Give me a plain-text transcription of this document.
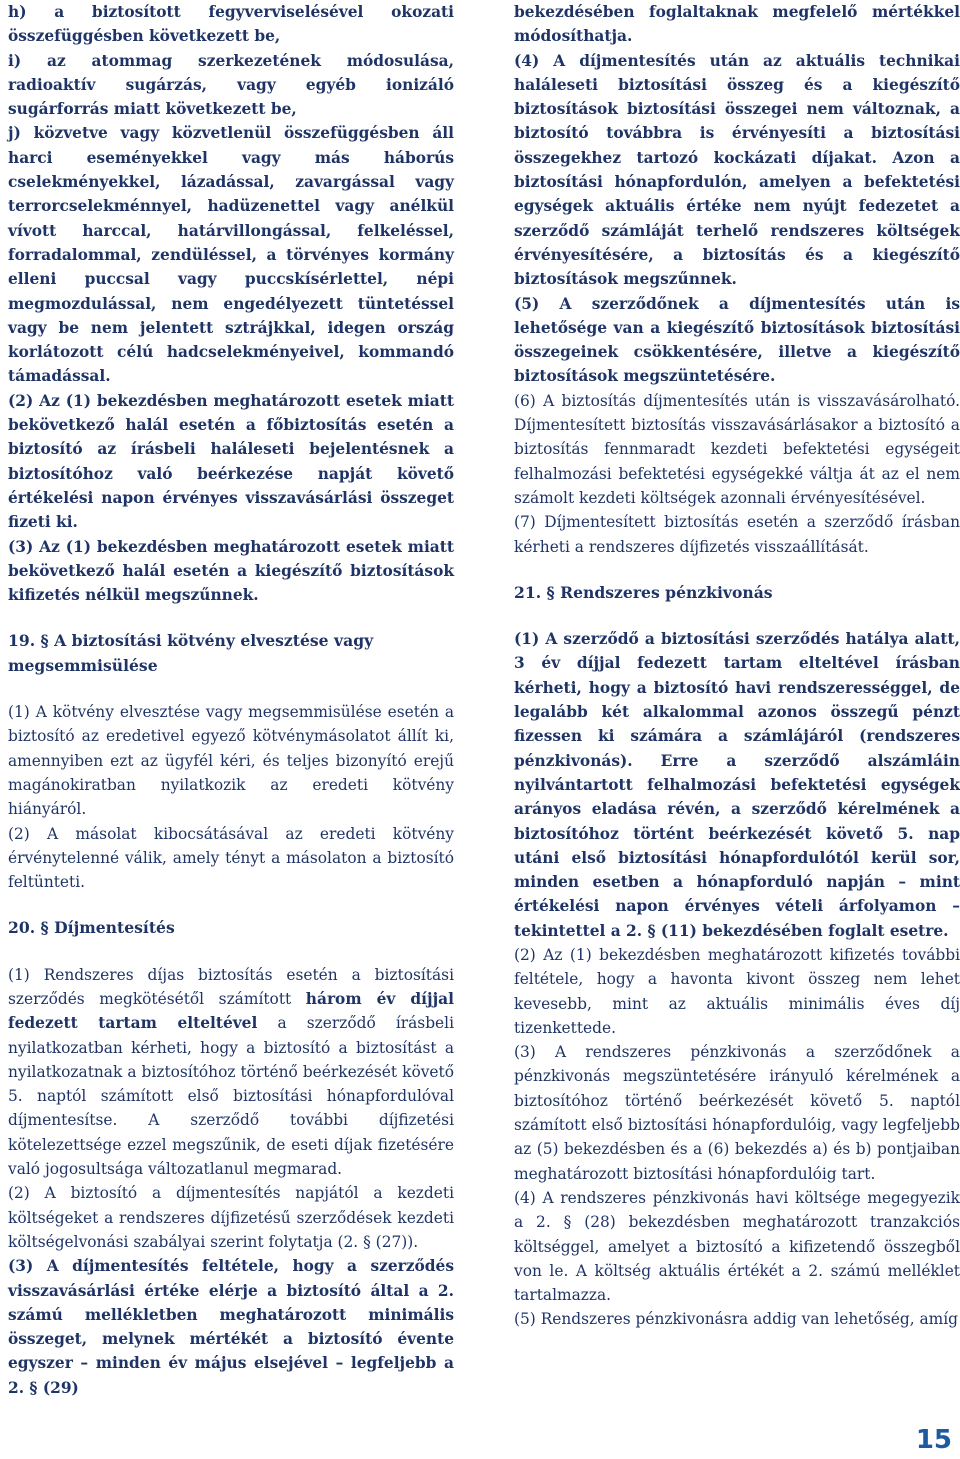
h) a biztosított fegyverviselésével okozati összefüggésben következett be,

i) az atommag szerkezetének módosulása, radioaktív sugárzás, vagy egyéb ionizáló sugárforrás miatt következett be,

j) közvetve vagy közvetlenül összefüggésben áll harci eseményekkel vagy más háborús cselekményekkel, lázadással, zavargással vagy terrorcselekménnyel, hadüzenettel vagy anélkül vívott harccal, határvillongással, felkeléssel, forradalommal, zendüléssel, a törvényes kormány elleni puccsal vagy puccskísérlettel, népi megmozdulással, nem engedélyezett tüntetéssel vagy be nem jelentett sztrájkkal, idegen ország korlátozott célú hadcselekményeivel, kommandó támadással.

(2) Az (1) bekezdésben meghatározott esetek miatt bekövetkező halál esetén a főbiztosítás esetén a biztosító az írásbeli haláleseti bejelentésnek a biztosítóhoz való beérkezése napját követő értékelési napon érvényes visszavásárlási összeget fizeti ki.

(3) Az (1) bekezdésben meghatározott esetek miatt bekövetkező halál esetén a kiegészítő biztosítások kifizetés nélkül megszűnnek.

19. § A biztosítási kötvény elvesztése vagy megsemmisülése

(1) A kötvény elvesztése vagy megsemmisülése esetén a biztosító az eredetivel egyező kötvénymásolatot állít ki, amennyiben ezt az ügyfél kéri, és teljes bizonyító erejű magánokiratban nyilatkozik az eredeti kötvény hiányáról.

(2) A másolat kibocsátásával az eredeti kötvény érvénytelenné válik, amely tényt a másolaton a biztosító feltünteti.

20. § Díjmentesítés

(1) Rendszeres díjas biztosítás esetén a biztosítási szerződés megkötésétől számított három év díjjal fedezett tartam elteltével a szerződő írásbeli nyilatkozatban kérheti, hogy a biztosító a biztosítást a nyilatkozatnak a biztosítóhoz történő beérkezését követő 5. naptól számított első biztosítási hónapfordulóval díjmentesítse. A szerződő további díjfizetési kötelezettsége ezzel megszűnik, de eseti díjak fizetésére való jogosultsága változatlanul megmarad.

(2) A biztosító a díjmentesítés napjától a kezdeti költségeket a rendszeres díjfizetésű szerződések kezdeti költségelvonási szabályai szerint folytatja (2. § (27)).

(3) A díjmentesítés feltétele, hogy a szerződés visszavásárlási értéke elérje a biztosító által a 2. számú mellékletben meghatározott minimális összeget, melynek mértékét a biztosító évente egyszer – minden év május elsejével – legfeljebb a 2. § (29)

bekezdésében foglaltaknak megfelelő mértékkel módosíthatja.

(4) A díjmentesítés után az aktuális technikai haláleseti biztosítási összeg és a kiegészítő biztosítások biztosítási összegei nem változnak, a biztosító továbbra is érvényesíti a biztosítási összegekhez tartozó kockázati díjakat. Azon a biztosítási hónapfordulón, amelyen a befektetési egységek aktuális értéke nem nyújt fedezetet a szerződő számláját terhelő rendszeres költségek érvényesítésére, a biztosítás és a kiegészítő biztosítások megszűnnek.

(5) A szerződőnek a díjmentesítés után is lehetősége van a kiegészítő biztosítások biztosítási összegeinek csökkentésére, illetve a kiegészítő biztosítások megszüntetésére.

(6) A biztosítás díjmentesítés után is visszavásárolható. Díjmentesített biztosítás visszavásárlásakor a biztosító a biztosítás fennmaradt kezdeti befektetési egységeit felhalmozási befektetési egységekké váltja át az el nem számolt kezdeti költségek azonnali érvényesítésével.

(7) Díjmentesített biztosítás esetén a szerződő írásban kérheti a rendszeres díjfizetés visszaállítását.

21. § Rendszeres pénzkivonás

(1) A szerződő a biztosítási szerződés hatálya alatt, 3 év díjjal fedezett tartam elteltével írásban kérheti, hogy a biztosító havi rendszerességgel, de legalább két alkalommal azonos összegű pénzt fizessen ki számára a számlájáról (rendszeres pénzkivonás). Erre a szerződő alszámláin nyilvántartott felhalmozási befektetési egységek arányos eladása révén, a szerződő kérelmének a biztosítóhoz történt beérkezését követő 5. nap utáni első biztosítási hónapfordulótól kerül sor, minden esetben a hónapforduló napján – mint értékelési napon érvényes vételi árfolyamon – tekintettel a 2. § (11) bekezdésében foglalt esetre.

(2) Az (1) bekezdésben meghatározott kifizetés további feltétele, hogy a havonta kivont összeg nem lehet kevesebb, mint az aktuális minimális éves díj tizenkettede.

(3) A rendszeres pénzkivonás a szerződőnek a pénzkivonás megszüntetésére irányuló kérelmének a biztosítóhoz történő beérkezését követő 5. naptól számított első biztosítási hónapfordulóig, vagy legfeljebb az (5) bekezdésben és a (6) bekezdés a) és b) pontjaiban meghatározott biztosítási hónapfordulóig tart.

(4) A rendszeres pénzkivonás havi költsége megegyezik a 2. § (28) bekezdésben meghatározott tranzakciós költséggel, amelyet a biztosító a kifizetendő összegből von le. A költség aktuális értékét a 2. számú melléklet tartalmazza.

(5) Rendszeres pénzkivonásra addig van lehetőség, amíg

15
